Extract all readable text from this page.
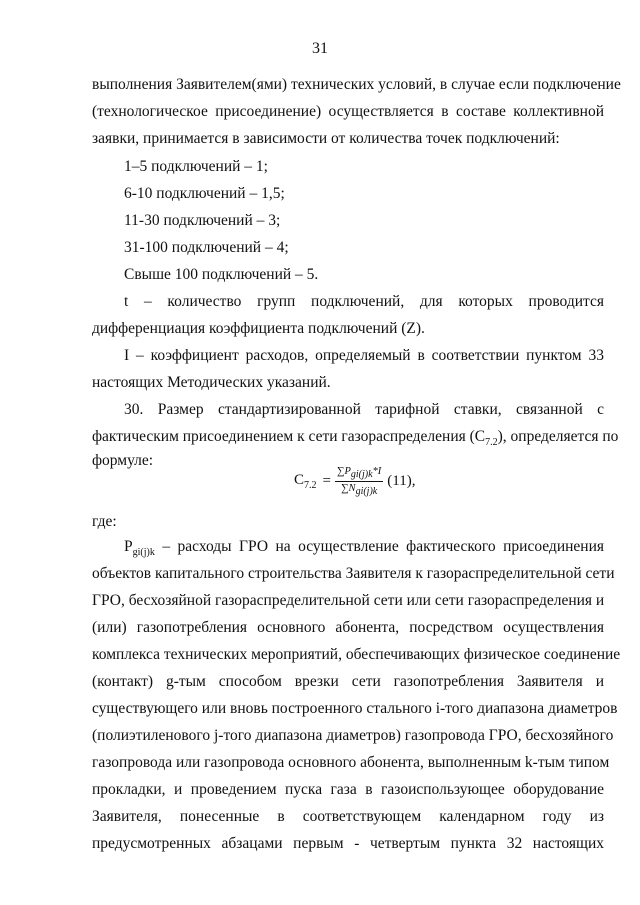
31
выполнения Заявителем(ями) технических условий, в случае если подключение
(технологическое присоединение) осуществляется в составе коллективной
заявки, принимается в зависимости от количества точек подключений:
1–5 подключений – 1;
6-10 подключений – 1,5;
11-30 подключений – 3;
31-100 подключений – 4;
Свыше 100 подключений – 5.
t – количество групп подключений, для которых проводится
дифференциация коэффициента подключений (Z).
I – коэффициент расходов, определяемый в соответствии пунктом 33
настоящих Методических указаний.
30. Размер стандартизированной тарифной ставки, связанной с
фактическим присоединением к сети газораспределения $(C_{7.2})$, определяется по
формуле:
$C_{7.2} = \frac{\sum P_{gi(j)k}*I}{\sum N_{gi(j)k}} (11)$,
где:
$P_{gi(j)k}$ – расходы ГРО на осуществление фактического присоединения
объектов капитального строительства Заявителя к газораспределительной сети
ГРО, бесхозяйной газораспределительной сети или сети газораспределения и
(или) газопотребления основного абонента, посредством осуществления
комплекса технических мероприятий, обеспечивающих физическое соединение
(контакт) g-тым способом врезки сети газопотребления Заявителя и
существующего или вновь построенного стального i-того диапазона диаметров
(полиэтиленового j-того диапазона диаметров) газопровода ГРО, бесхозяйного
газопровода или газопровода основного абонента, выполненным k-тым типом
прокладки, и проведением пуска газа в газоиспользующее оборудование
Заявителя, понесенные в соответствующем календарном году из
предусмотренных абзацами первым - четвертым пункта 32 настоящих
